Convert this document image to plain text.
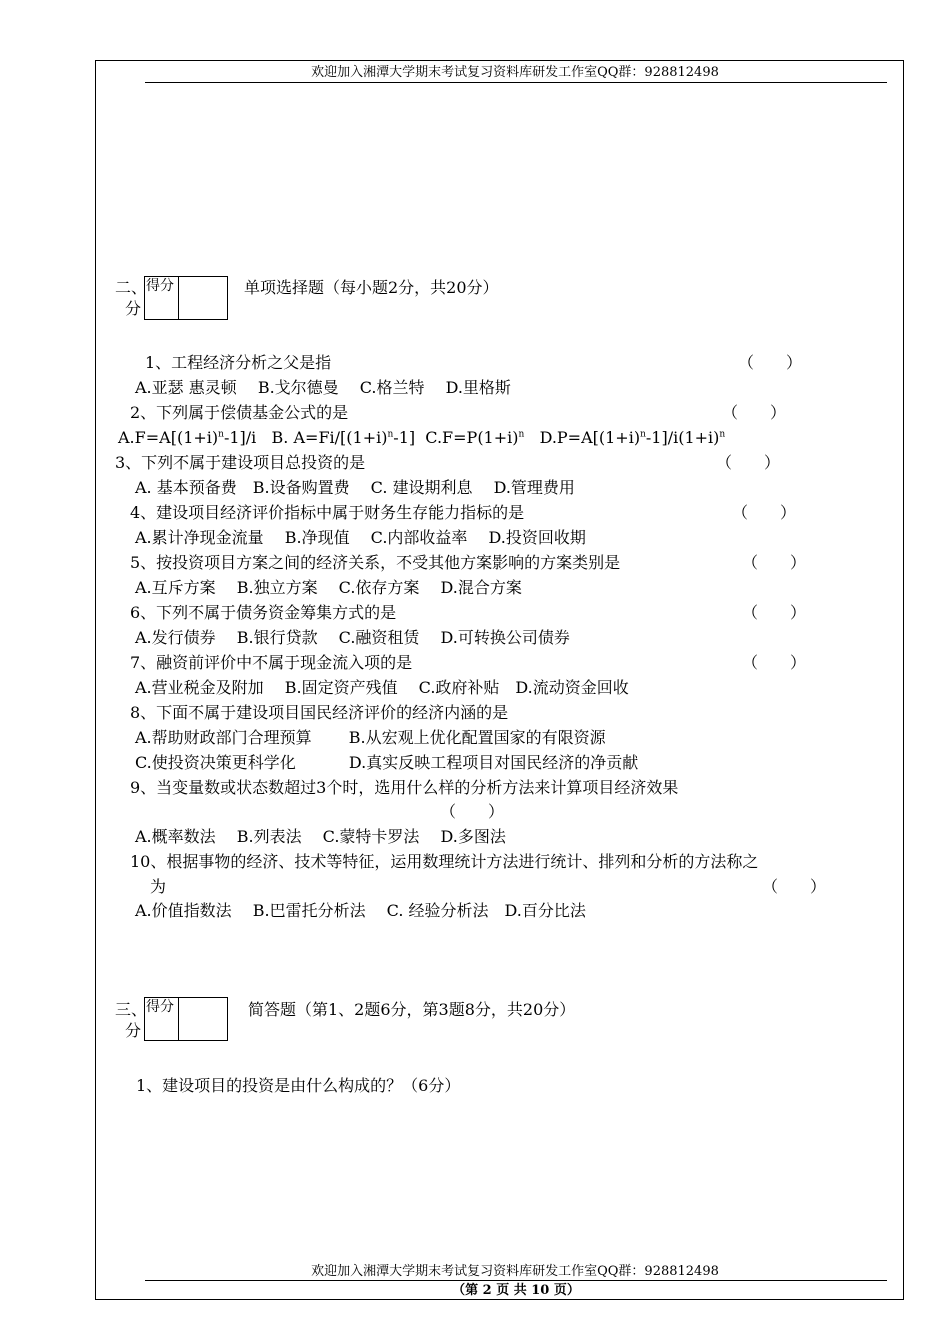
欢迎加入湘潭大学期末考试复习资料库研发工作室QQ群：928812498
二、
分
得分	单项选择题（每小题2分，共20分）
1、工程经济分析之父是指	（　　）
A.亚瑟 惠灵顿　 B.戈尔德曼　 C.格兰特　 D.里格斯
2、下列属于偿债基金公式的是	（　　）
$A.F=A[(1+i)^n-1]/i$ B. $A=Fi/[(1+i)^n-1]$ $C.F=P(1+i)^n$ $D.P=A[(1+i)^n-1]/i(1+i)^n$
3、下列不属于建设项目总投资的是	（　　）
A. 基本预备费　B.设备购置费　 C. 建设期利息　 D.管理费用
4、建设项目经济评价指标中属于财务生存能力指标的是	（　　）
A.累计净现金流量　 B.净现值　 C.内部收益率　 D.投资回收期
5、按投资项目方案之间的经济关系，不受其他方案影响的方案类别是	（　　）
A.互斥方案　 B.独立方案　 C.依存方案　 D.混合方案
6、下列不属于债务资金筹集方式的是	（　　）
A.发行债券　 B.银行贷款　 C.融资租赁　 D.可转换公司债券
7、融资前评价中不属于现金流入项的是	（　　）
A.营业税金及附加　 B.固定资产残值　 C.政府补贴　D.流动资金回收
8、下面不属于建设项目国民经济评价的经济内涵的是
A.帮助财政部门合理预算　　 B.从宏观上优化配置国家的有限资源
C.使投资决策更科学化　　　 D.真实反映工程项目对国民经济的净贡献
9、当变量数或状态数超过3个时，选用什么样的分析方法来计算项目经济效果
（　　）
A.概率数法　 B.列表法　 C.蒙特卡罗法　 D.多图法
10、根据事物的经济、技术等特征，运用数理统计方法进行统计、排列和分析的方法称之
为	（　　）
A.价值指数法　 B.巴雷托分析法　 C. 经验分析法　D.百分比法
三、
分
得分	简答题（第1、2题6分，第3题8分，共20分）
1、建设项目的投资是由什么构成的？（6分）
欢迎加入湘潭大学期末考试复习资料库研发工作室QQ群：928812498
（第 2 页 共 10 页）
